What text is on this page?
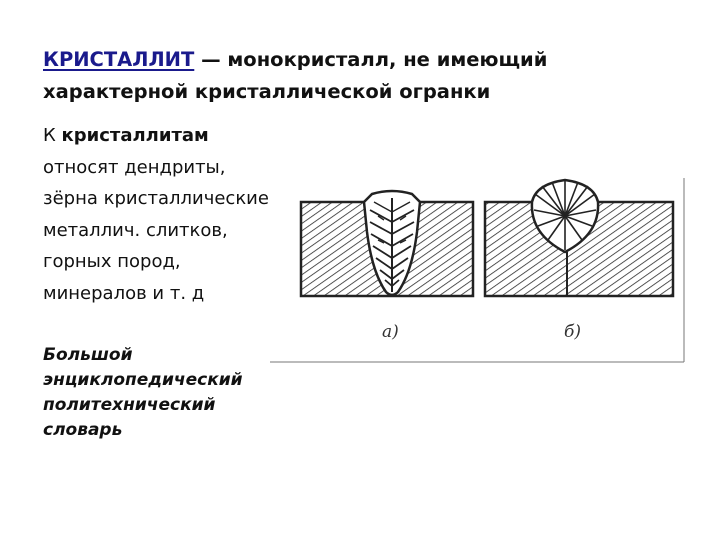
КРИСТАЛЛИТ — монокристалл, не имеющий характерной кристаллической огранки
К кристаллитам относят дендриты, зёрна кристаллические металлич. слитков, горных пород, минералов и т. д
Большой энциклопедический политехнический словарь
а)	б)
